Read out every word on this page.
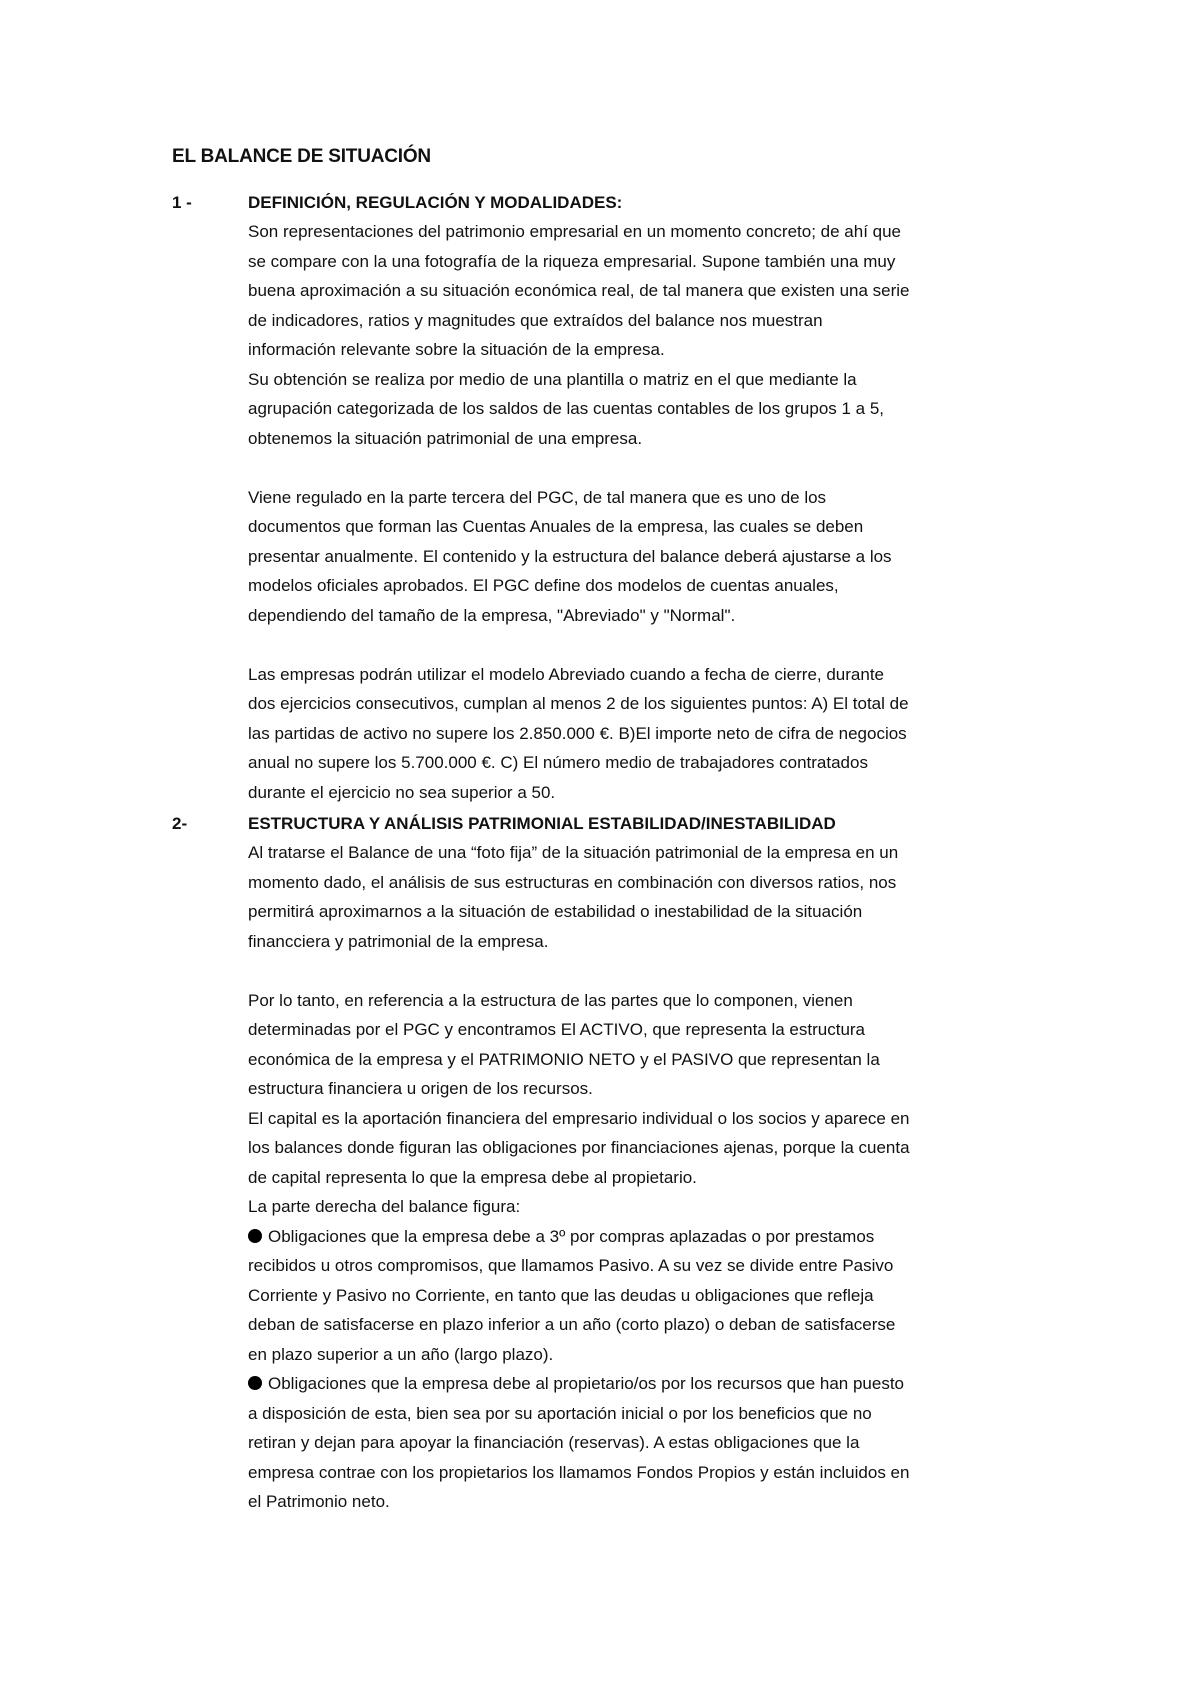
EL BALANCE DE SITUACIÓN
1 -	DEFINICIÓN, REGULACIÓN Y MODALIDADES:
Son representaciones del patrimonio empresarial en un momento concreto; de ahí que
se compare con la una fotografía de la riqueza empresarial. Supone también una muy
buena aproximación a su situación económica real, de tal manera que existen una serie
de indicadores, ratios y magnitudes que extraídos del balance nos muestran
información relevante sobre la situación de la empresa.
Su obtención se realiza por medio de una plantilla o matriz en el que mediante la
agrupación categorizada de los saldos de las cuentas contables de los grupos 1 a 5,
obtenemos la situación patrimonial de una empresa.
Viene regulado en la parte tercera del PGC, de tal manera que es uno de los
documentos que forman las Cuentas Anuales de la empresa, las cuales se deben
presentar anualmente. El contenido y la estructura del balance deberá ajustarse a los
modelos oficiales aprobados. El PGC define dos modelos de cuentas anuales,
dependiendo del tamaño de la empresa, "Abreviado" y "Normal".
Las empresas podrán utilizar el modelo Abreviado cuando a fecha de cierre, durante
dos ejercicios consecutivos, cumplan al menos 2 de los siguientes puntos: A) El total de
las partidas de activo no supere los 2.850.000 €. B)El importe neto de cifra de negocios
anual no supere los 5.700.000 €. C) El número medio de trabajadores contratados
durante el ejercicio no sea superior a 50.
2-	ESTRUCTURA Y ANÁLISIS PATRIMONIAL ESTABILIDAD/INESTABILIDAD
Al tratarse el Balance de una “foto fija” de la situación patrimonial de la empresa en un
momento dado, el análisis de sus estructuras en combinación con diversos ratios, nos
permitirá aproximarnos a la situación de estabilidad o inestabilidad de la situación
financciera y patrimonial de la empresa.
Por lo tanto, en referencia a la estructura de las partes que lo componen, vienen
determinadas por el PGC y encontramos El ACTIVO, que representa la estructura
económica de la empresa y el PATRIMONIO NETO y el PASIVO que representan la
estructura financiera u origen de los recursos.
El capital es la aportación financiera del empresario individual o los socios y aparece en
los balances donde figuran las obligaciones por financiaciones ajenas, porque la cuenta
de capital representa lo que la empresa debe al propietario.
La parte derecha del balance figura:
Obligaciones que la empresa debe a 3º por compras aplazadas o por prestamos
recibidos u otros compromisos, que llamamos Pasivo. A su vez se divide entre Pasivo
Corriente y Pasivo no Corriente, en tanto que las deudas u obligaciones que refleja
deban de satisfacerse en plazo inferior a un año (corto plazo) o deban de satisfacerse
en plazo superior a un año (largo plazo).
Obligaciones que la empresa debe al propietario/os por los recursos que han puesto
a disposición de esta, bien sea por su aportación inicial o por los beneficios que no
retiran y dejan para apoyar la financiación (reservas). A estas obligaciones que la
empresa contrae con los propietarios los llamamos Fondos Propios y están incluidos en
el Patrimonio neto.
